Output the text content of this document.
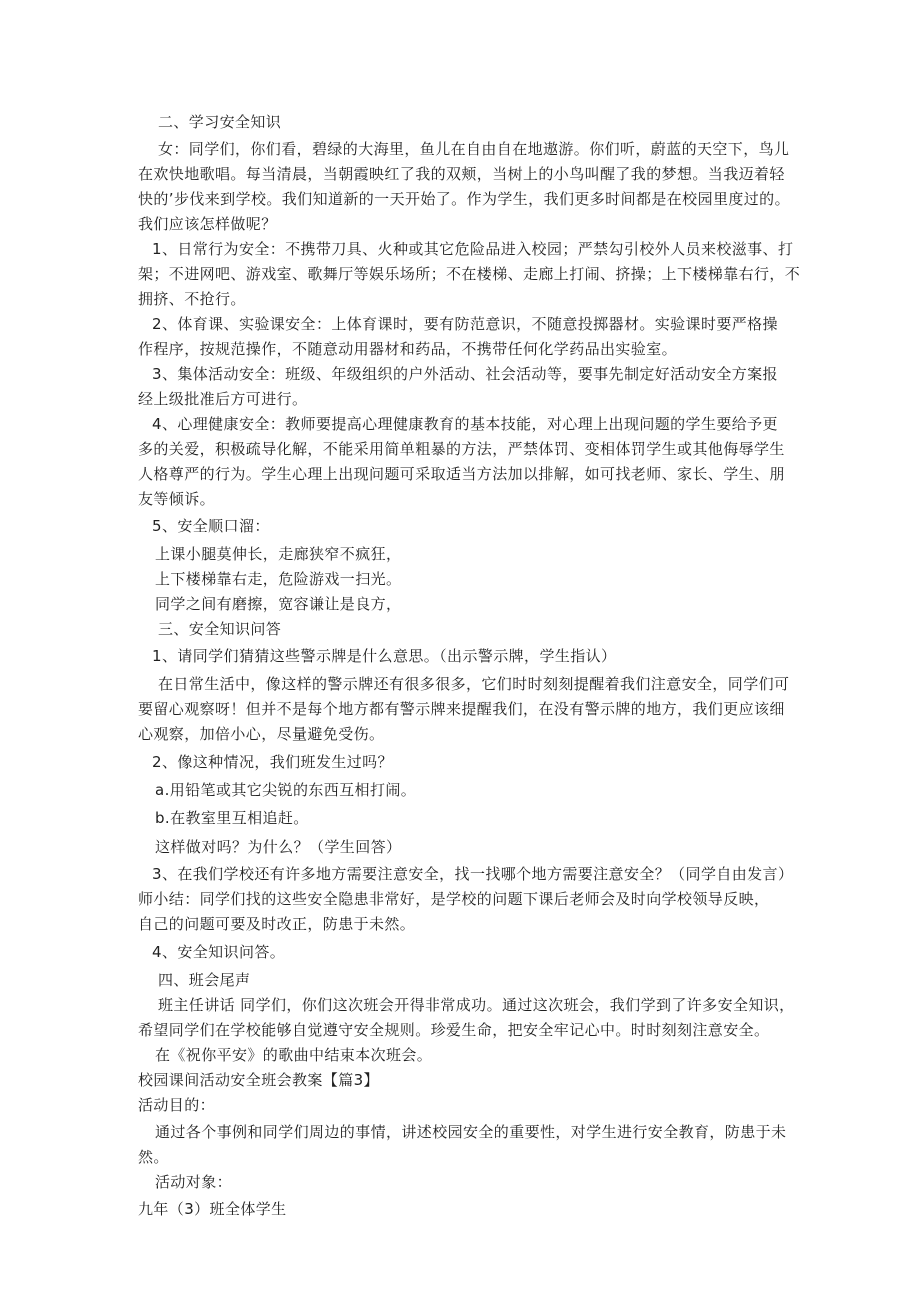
二、学习安全知识
女：同学们，你们看，碧绿的大海里，鱼儿在自由自在地遨游。你们听，蔚蓝的天空下，鸟儿
在欢快地歌唱。每当清晨，当朝霞映红了我的双颊，当树上的小鸟叫醒了我的梦想。当我迈着轻
快的’步伐来到学校。我们知道新的一天开始了。作为学生，我们更多时间都是在校园里度过的。
我们应该怎样做呢？
1、日常行为安全：不携带刀具、火种或其它危险品进入校园；严禁勾引校外人员来校滋事、打
架；不进网吧、游戏室、歌舞厅等娱乐场所；不在楼梯、走廊上打闹、挤操；上下楼梯靠右行，不
拥挤、不抢行。
2、体育课、实验课安全：上体育课时，要有防范意识，不随意投掷器材。实验课时要严格操
作程序，按规范操作，不随意动用器材和药品，不携带任何化学药品出实验室。
3、集体活动安全：班级、年级组织的户外活动、社会活动等，要事先制定好活动安全方案报
经上级批准后方可进行。
4、心理健康安全：教师要提高心理健康教育的基本技能，对心理上出现问题的学生要给予更
多的关爱，积极疏导化解，不能采用简单粗暴的方法，严禁体罚、变相体罚学生或其他侮辱学生
人格尊严的行为。学生心理上出现问题可采取适当方法加以排解，如可找老师、家长、学生、朋
友等倾诉。
5、安全顺口溜：
上课小腿莫伸长，走廊狭窄不疯狂，
上下楼梯靠右走，危险游戏一扫光。
同学之间有磨擦，宽容谦让是良方，
三、安全知识问答
1、请同学们猜猜这些警示牌是什么意思。（出示警示牌，学生指认）
在日常生活中，像这样的警示牌还有很多很多，它们时时刻刻提醒着我们注意安全，同学们可
要留心观察呀！但并不是每个地方都有警示牌来提醒我们，在没有警示牌的地方，我们更应该细
心观察，加倍小心，尽量避免受伤。
2、像这种情况，我们班发生过吗？
a.用铅笔或其它尖锐的东西互相打闹。
b.在教室里互相追赶。
这样做对吗？为什么？（学生回答）
3、在我们学校还有许多地方需要注意安全，找一找哪个地方需要注意安全？（同学自由发言）
师小结：同学们找的这些安全隐患非常好，是学校的问题下课后老师会及时向学校领导反映，
自己的问题可要及时改正，防患于未然。
4、安全知识问答。
四、班会尾声
班主任讲话 同学们，你们这次班会开得非常成功。通过这次班会，我们学到了许多安全知识，
希望同学们在学校能够自觉遵守安全规则。珍爱生命，把安全牢记心中。时时刻刻注意安全。
在《祝你平安》的歌曲中结束本次班会。
校园课间活动安全班会教案【篇3】
活动目的：
通过各个事例和同学们周边的事情，讲述校园安全的重要性，对学生进行安全教育，防患于未
然。
活动对象：
九年（3）班全体学生
